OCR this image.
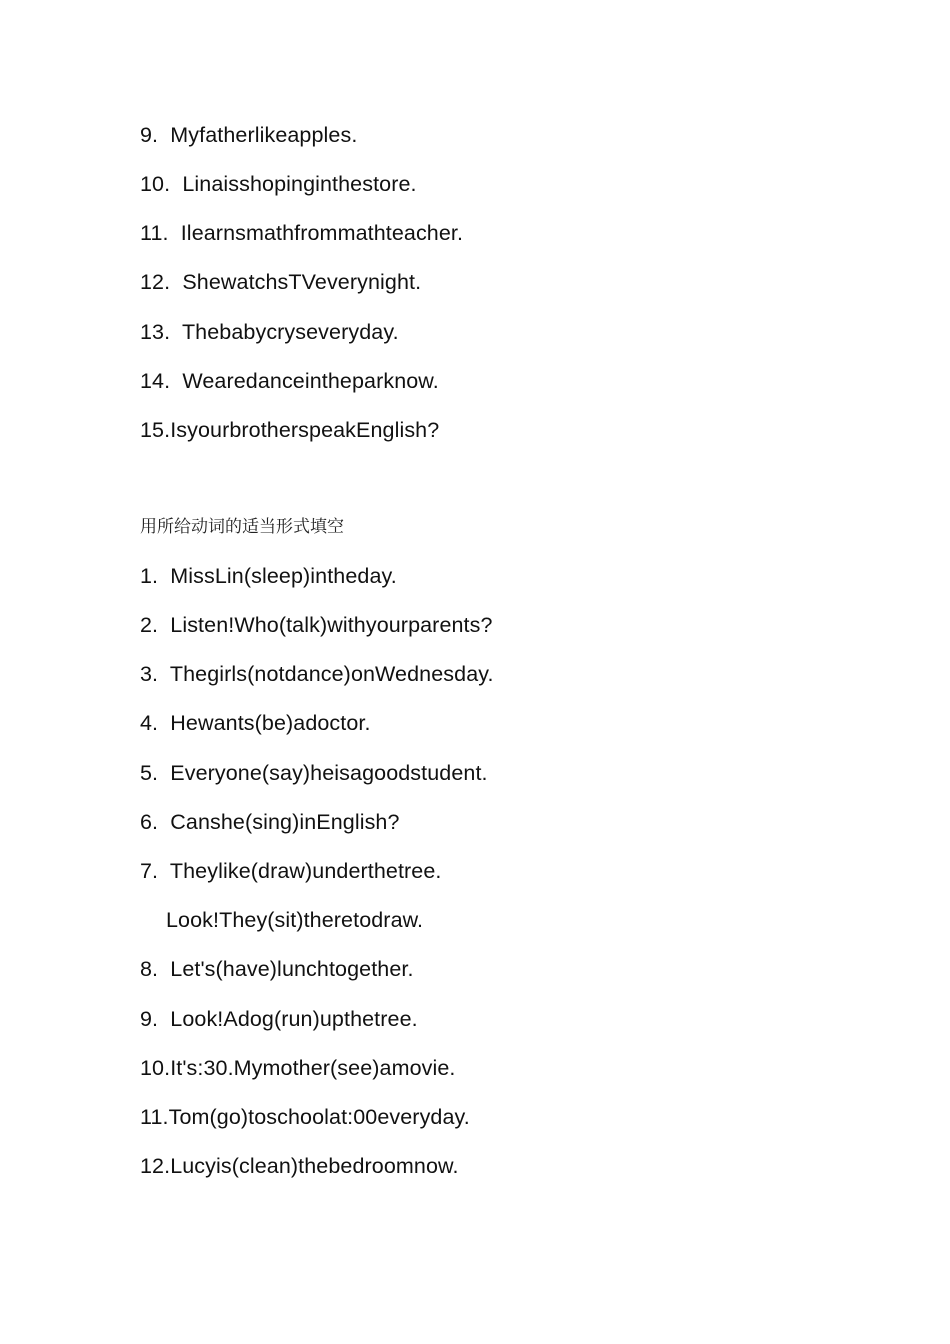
9.  Myfatherlikeapples.
10.  Linaisshopinginthestore.
11.  Ilearnsmathfrommathteacher.
12.  ShewatchsTVeverynight.
13.  Thebabycryseveryday.
14.  Wearedanceintheparknow.
15.IsyourbrotherspeakEnglish?
用所给动词的适当形式填空
1.  MissLin(sleep)intheday.
2.  Listen!Who(talk)withyourparents?
3.  Thegirls(notdance)onWednesday.
4.  Hewants(be)adoctor.
5.  Everyone(say)heisagoodstudent.
6.  Canshe(sing)inEnglish?
7.  Theylike(draw)underthetree.
Look!They(sit)theretodraw.
8.  Let's(have)lunchtogether.
9.  Look!Adog(run)upthetree.
10.It's:30.Mymother(see)amovie.
11.Tom(go)toschoolat:00everyday.
12.Lucyis(clean)thebedroomnow.
